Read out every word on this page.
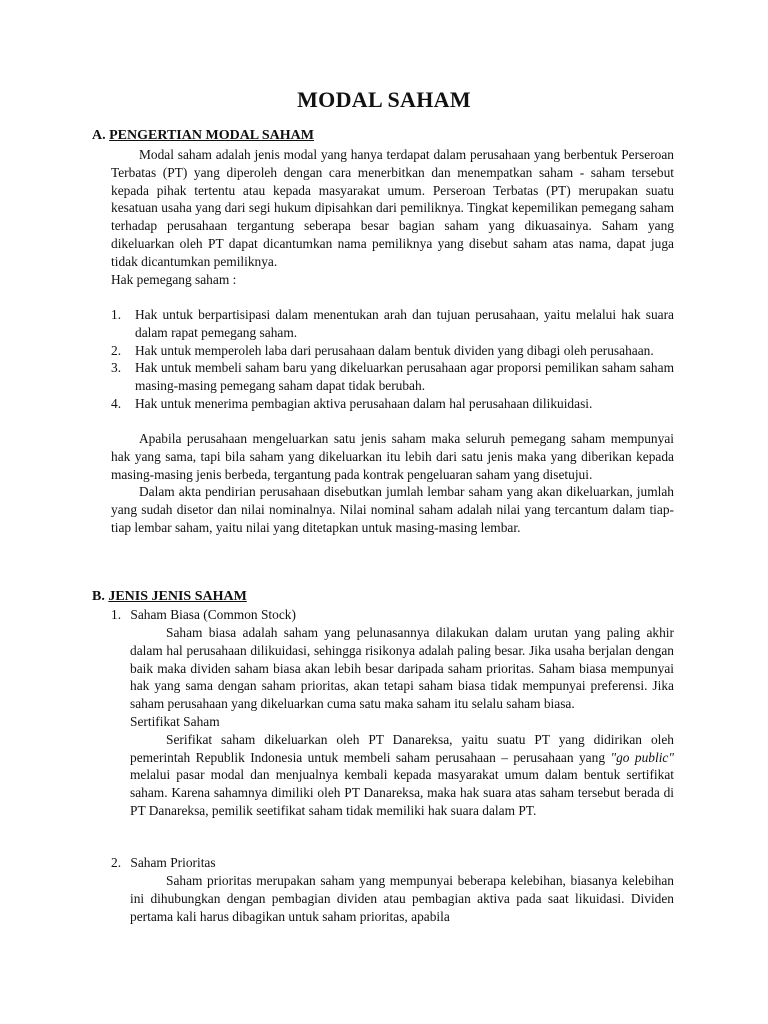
MODAL SAHAM
A. PENGERTIAN MODAL SAHAM

Modal saham adalah jenis modal yang hanya terdapat dalam perusahaan yang berbentuk Perseroan Terbatas (PT) yang diperoleh dengan cara menerbitkan dan menempatkan saham - saham tersebut kepada pihak tertentu atau kepada masyarakat umum. Perseroan Terbatas (PT) merupakan suatu kesatuan usaha yang dari segi hukum dipisahkan dari pemiliknya. Tingkat kepemilikan pemegang saham terhadap perusahaan tergantung seberapa besar bagian saham yang dikuasainya. Saham yang dikeluarkan oleh PT dapat dicantumkan nama pemiliknya yang disebut saham atas nama, dapat juga tidak dicantumkan pemiliknya.

Hak pemegang saham :

1. Hak untuk berpartisipasi dalam menentukan arah dan tujuan perusahaan, yaitu melalui hak suara dalam rapat pemegang saham.

2. Hak untuk memperoleh laba dari perusahaan dalam bentuk dividen yang dibagi oleh perusahaan.

3. Hak untuk membeli saham baru yang dikeluarkan perusahaan agar proporsi pemilikan saham saham masing-masing pemegang saham dapat tidak berubah.

4. Hak untuk menerima pembagian aktiva perusahaan dalam hal perusahaan dilikuidasi.

Apabila perusahaan mengeluarkan satu jenis saham maka seluruh pemegang saham mempunyai hak yang sama, tapi bila saham yang dikeluarkan itu lebih dari satu jenis maka yang diberikan kepada masing-masing jenis berbeda, tergantung pada kontrak pengeluaran saham yang disetujui.

Dalam akta pendirian perusahaan disebutkan jumlah lembar saham yang akan dikeluarkan, jumlah yang sudah disetor dan nilai nominalnya. Nilai nominal saham adalah nilai yang tercantum dalam tiap-tiap lembar saham, yaitu nilai yang ditetapkan untuk masing-masing lembar.

B. JENIS JENIS SAHAM
1. Saham Biasa (Common Stock)

Saham biasa adalah saham yang pelunasannya dilakukan dalam urutan yang paling akhir dalam hal perusahaan dilikuidasi, sehingga risikonya adalah paling besar. Jika usaha berjalan dengan baik maka dividen saham biasa akan lebih besar daripada saham prioritas. Saham biasa mempunyai hak yang sama dengan saham prioritas, akan tetapi saham biasa tidak mempunyai preferensi. Jika saham perusahaan yang dikeluarkan cuma satu maka saham itu selalu saham biasa.

Sertifikat Saham

Serifikat saham dikeluarkan oleh PT Danareksa, yaitu suatu PT yang didirikan oleh pemerintah Republik Indonesia untuk membeli saham perusahaan – perusahaan yang "go public" melalui pasar modal dan menjualnya kembali kepada masyarakat umum dalam bentuk sertifikat saham. Karena sahamnya dimiliki oleh PT Danareksa, maka hak suara atas saham tersebut berada di PT Danareksa, pemilik seetifikat saham tidak memiliki hak suara dalam PT.

2. Saham Prioritas

Saham prioritas merupakan saham yang mempunyai beberapa kelebihan, biasanya kelebihan ini dihubungkan dengan pembagian dividen atau pembagian aktiva pada saat likuidasi. Dividen pertama kali harus dibagikan untuk saham prioritas, apabila
